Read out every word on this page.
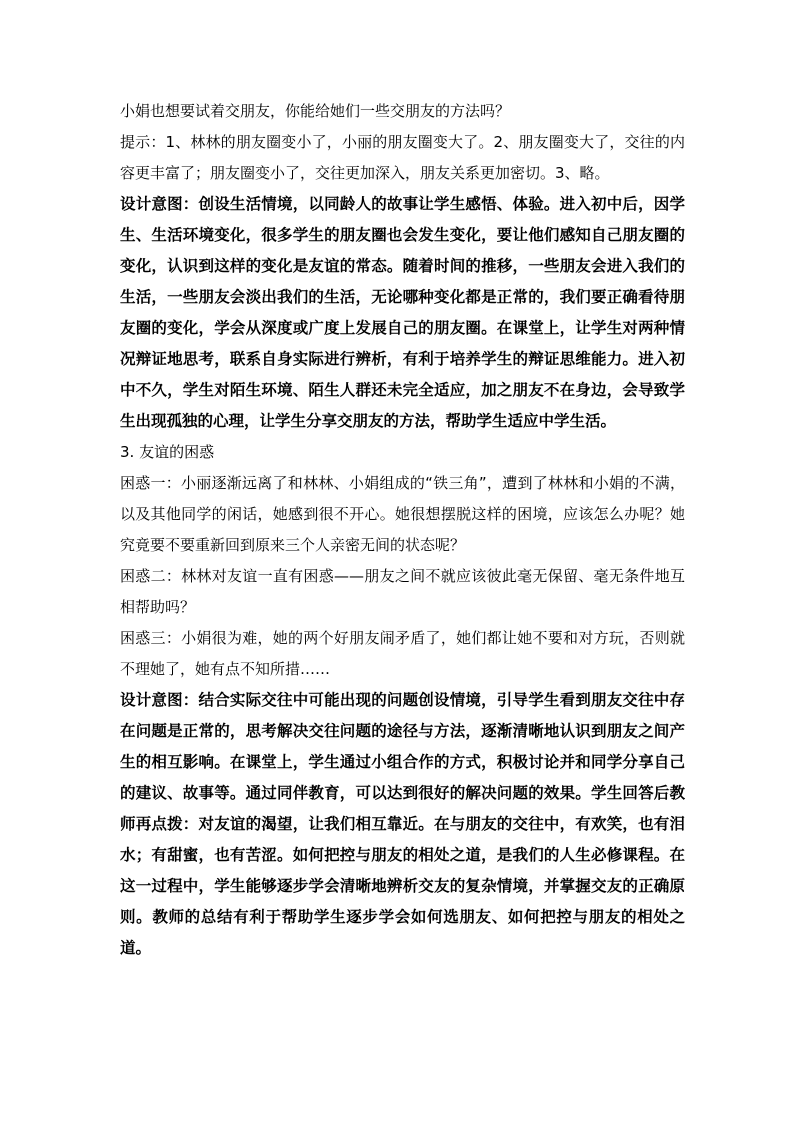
小娟也想要试着交朋友，你能给她们一些交朋友的方法吗？

提示：1、林林的朋友圈变小了，小丽的朋友圈变大了。2、朋友圈变大了，交往的内容更丰富了；朋友圈变小了，交往更加深入，朋友关系更加密切。3、略。

设计意图：创设生活情境，以同龄人的故事让学生感悟、体验。进入初中后，因学生、生活环境变化，很多学生的朋友圈也会发生变化，要让他们感知自己朋友圈的变化，认识到这样的变化是友谊的常态。随着时间的推移，一些朋友会进入我们的生活，一些朋友会淡出我们的生活，无论哪种变化都是正常的，我们要正确看待朋友圈的变化，学会从深度或广度上发展自己的朋友圈。在课堂上，让学生对两种情况辩证地思考，联系自身实际进行辨析，有利于培养学生的辩证思维能力。进入初中不久，学生对陌生环境、陌生人群还未完全适应，加之朋友不在身边，会导致学生出现孤独的心理，让学生分享交朋友的方法，帮助学生适应中学生活。

3. 友谊的困惑

困惑一：小丽逐渐远离了和林林、小娟组成的“铁三角”，遭到了林林和小娟的不满，以及其他同学的闲话，她感到很不开心。她很想摆脱这样的困境，应该怎么办呢？她究竟要不要重新回到原来三个人亲密无间的状态呢？

困惑二：林林对友谊一直有困惑——朋友之间不就应该彼此毫无保留、毫无条件地互相帮助吗？

困惑三：小娟很为难，她的两个好朋友闹矛盾了，她们都让她不要和对方玩，否则就不理她了，她有点不知所措……

设计意图：结合实际交往中可能出现的问题创设情境，引导学生看到朋友交往中存在问题是正常的，思考解决交往问题的途径与方法，逐渐清晰地认识到朋友之间产生的相互影响。在课堂上，学生通过小组合作的方式，积极讨论并和同学分享自己的建议、故事等。通过同伴教育，可以达到很好的解决问题的效果。学生回答后教师再点拨：对友谊的渴望，让我们相互靠近。在与朋友的交往中，有欢笑，也有泪水；有甜蜜，也有苦涩。如何把控与朋友的相处之道，是我们的人生必修课程。在这一过程中，学生能够逐步学会清晰地辨析交友的复杂情境，并掌握交友的正确原则。教师的总结有利于帮助学生逐步学会如何选朋友、如何把控与朋友的相处之道。
